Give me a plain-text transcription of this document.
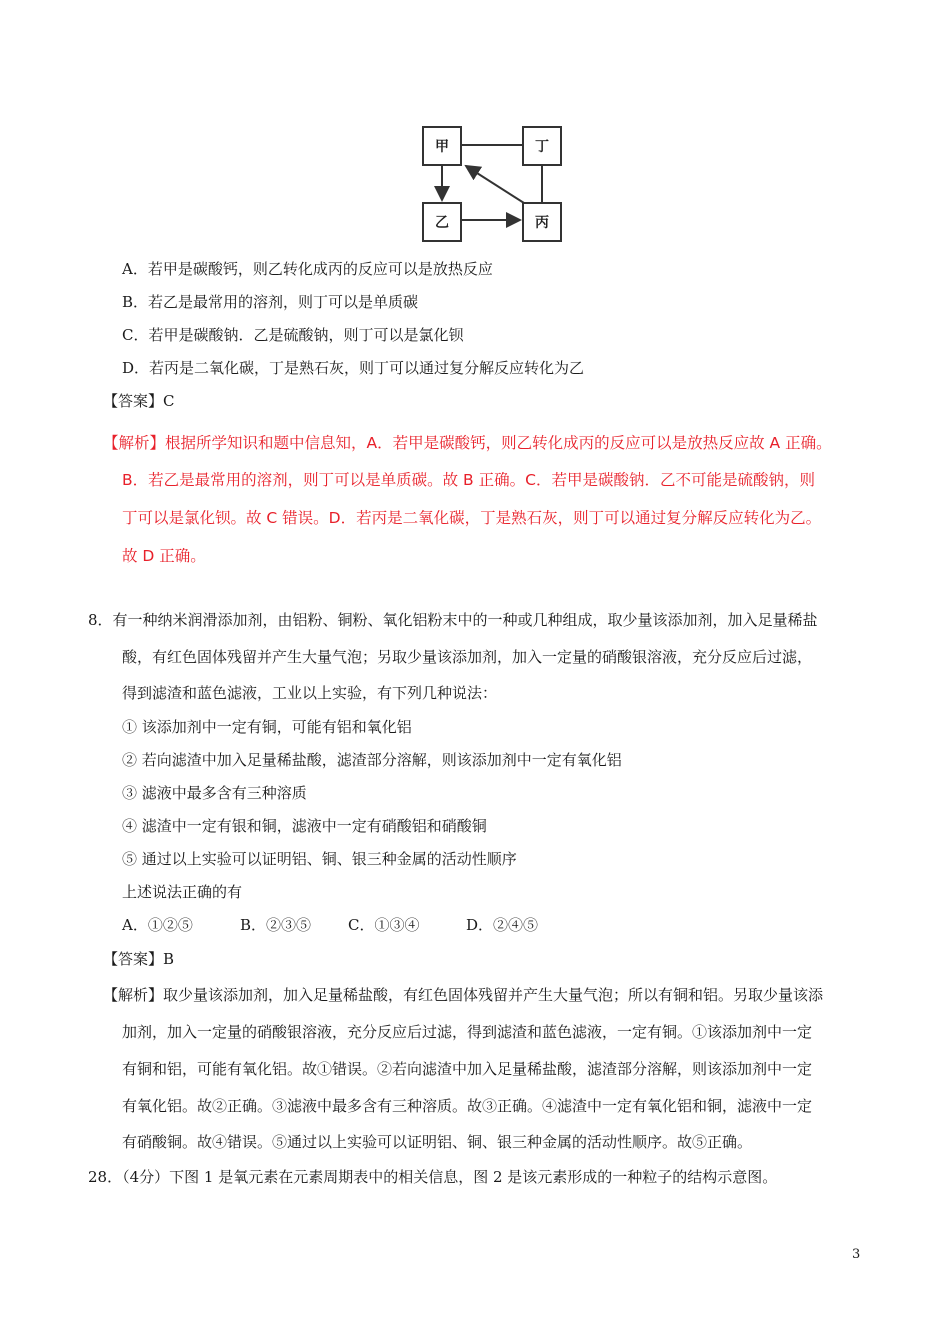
甲	丁
乙	丙
A．若甲是碳酸钙，则乙转化成丙的反应可以是放热反应
B．若乙是最常用的溶剂，则丁可以是单质碳
C．若甲是碳酸钠．乙是硫酸钠，则丁可以是氯化钡
D．若丙是二氧化碳，丁是熟石灰，则丁可以通过复分解反应转化为乙
【答案】C
【解析】根据所学知识和题中信息知，A．若甲是碳酸钙，则乙转化成丙的反应可以是放热反应故 A 正确。
B．若乙是最常用的溶剂，则丁可以是单质碳。故 B 正确。C．若甲是碳酸钠．乙不可能是硫酸钠，则
丁可以是氯化钡。故 C 错误。D．若丙是二氧化碳，丁是熟石灰，则丁可以通过复分解反应转化为乙。
故 D 正确。
8．有一种纳米润滑添加剂，由铝粉、铜粉、氧化铝粉末中的一种或几种组成，取少量该添加剂，加入足量稀盐
酸，有红色固体残留并产生大量气泡；另取少量该添加剂，加入一定量的硝酸银溶液，充分反应后过滤，
得到滤渣和蓝色滤液，工业以上实验，有下列几种说法：
① 该添加剂中一定有铜，可能有铝和氧化铝
② 若向滤渣中加入足量稀盐酸，滤渣部分溶解，则该添加剂中一定有氧化铝
③ 滤液中最多含有三种溶质
④ 滤渣中一定有银和铜，滤液中一定有硝酸铝和硝酸铜
⑤ 通过以上实验可以证明铝、铜、银三种金属的活动性顺序
上述说法正确的有
A．①②⑤	B．②③⑤ C．①③④	D．②④⑤
【答案】B
【解析】取少量该添加剂，加入足量稀盐酸，有红色固体残留并产生大量气泡；所以有铜和铝。另取少量该添
加剂，加入一定量的硝酸银溶液，充分反应后过滤，得到滤渣和蓝色滤液，一定有铜。①该添加剂中一定
有铜和铝，可能有氧化铝。故①错误。②若向滤渣中加入足量稀盐酸，滤渣部分溶解，则该添加剂中一定
有氧化铝。故②正确。③滤液中最多含有三种溶质。故③正确。④滤渣中一定有氧化铝和铜，滤液中一定
有硝酸铜。故④错误。⑤通过以上实验可以证明铝、铜、银三种金属的活动性顺序。故⑤正确。
28．（4分）下图 1 是氧元素在元素周期表中的相关信息，图 2 是该元素形成的一种粒子的结构示意图。
3
